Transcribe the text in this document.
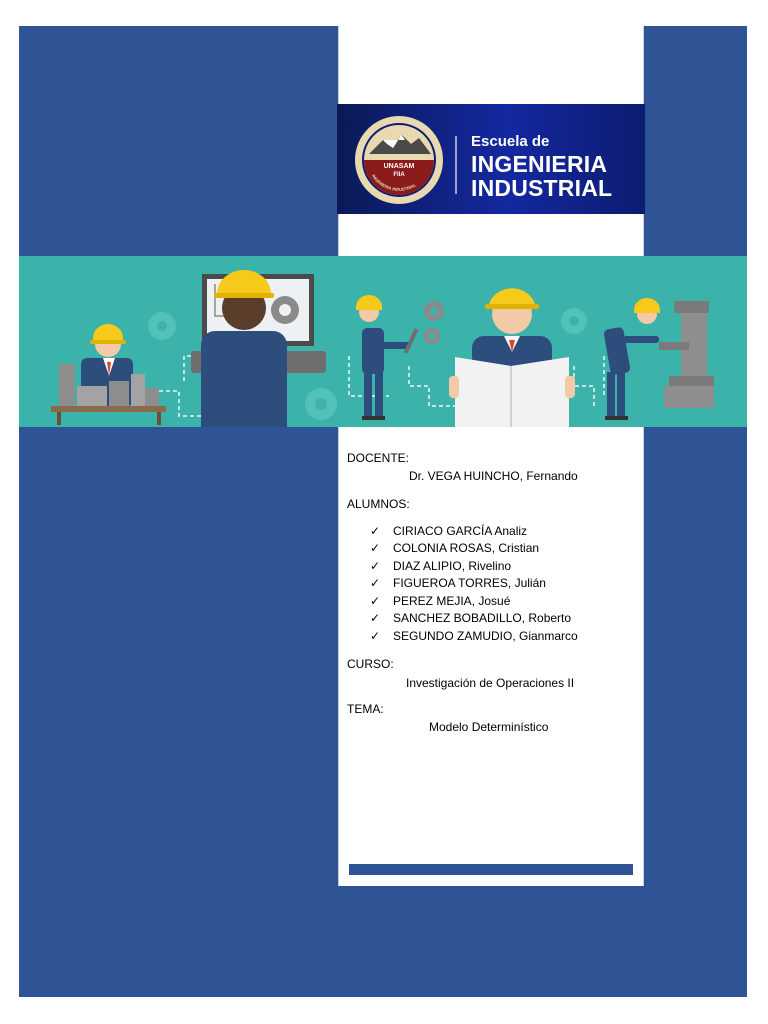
UNASAM
FIIA
INGENIERIA INDUSTRIAL
Escuela de
INGENIERIA
INDUSTRIAL
DOCENTE:
Dr. VEGA HUINCHO, Fernando
ALUMNOS:
✓	CIRIACO GARCÍA Analiz
✓	COLONIA ROSAS, Cristian
✓	DIAZ ALIPIO, Rivelino
✓	FIGUEROA TORRES, Julián
✓	PEREZ MEJIA, Josué
✓	SANCHEZ BOBADILLO, Roberto
✓	SEGUNDO ZAMUDIO, Gianmarco
CURSO:
Investigación de Operaciones II
TEMA:
Modelo Determinístico
